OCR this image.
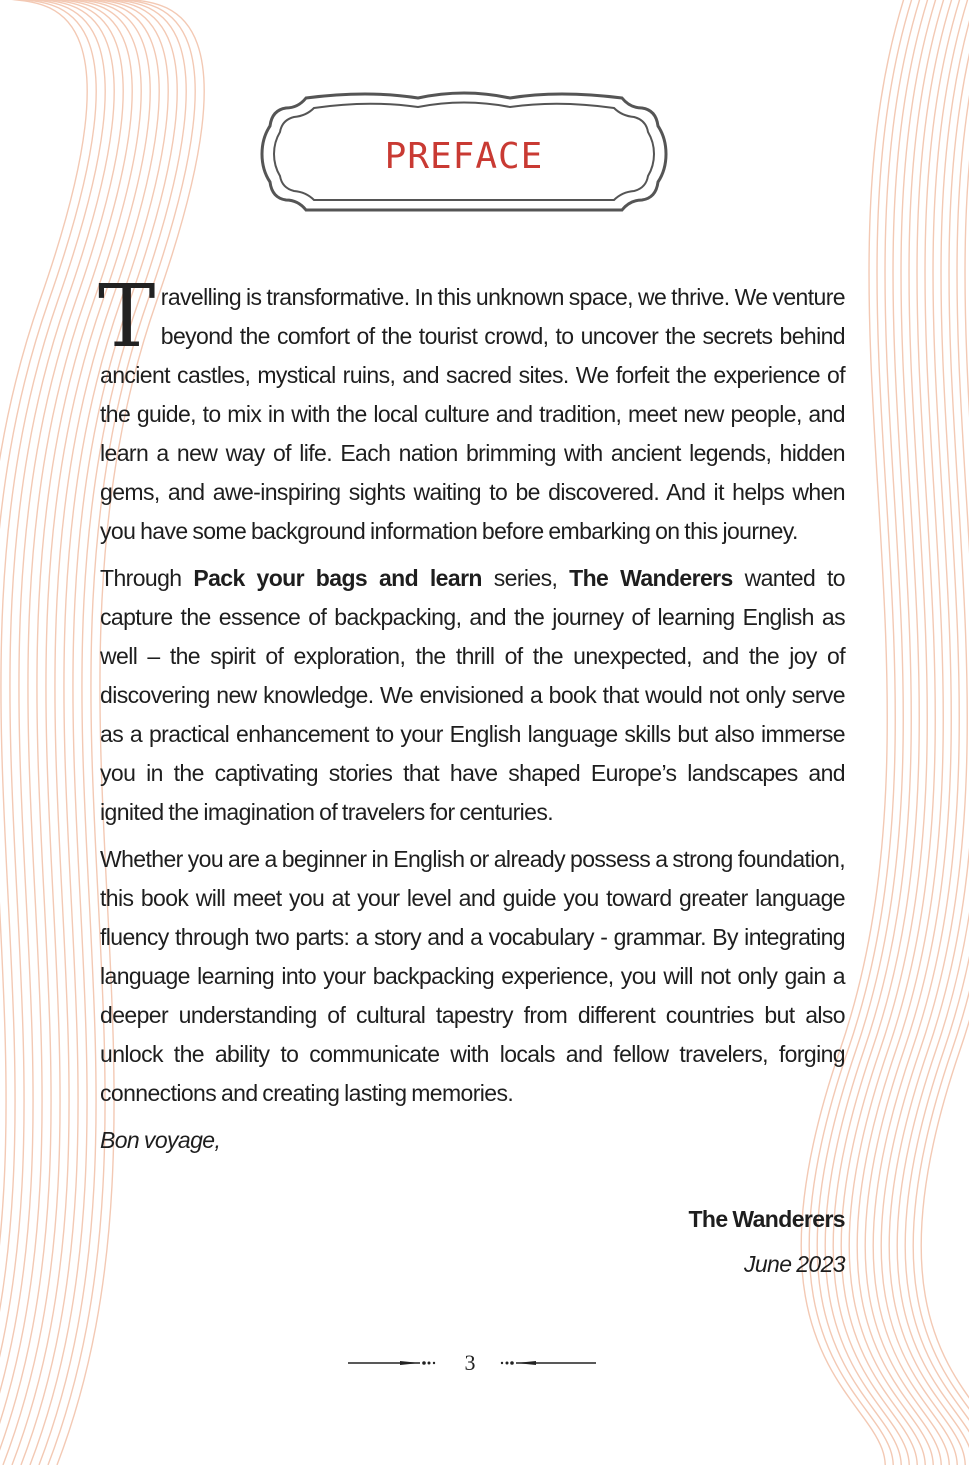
PREFACE

Travelling is transformative. In this unknown space, we thrive. We venture beyond the comfort of the tourist crowd, to uncover the secrets behind ancient castles, mystical ruins, and sacred sites. We forfeit the experience of the guide, to mix in with the local culture and tradition, meet new people, and learn a new way of life. Each nation brimming with ancient legends, hidden gems, and awe-inspiring sights waiting to be discovered. And it helps when you have some background information before embarking on this journey.

Through Pack your bags and learn series, The Wanderers wanted to capture the essence of backpacking, and the journey of learning English as well – the spirit of exploration, the thrill of the unexpected, and the joy of discovering new knowledge. We envisioned a book that would not only serve as a practical enhancement to your English language skills but also immerse you in the captivating stories that have shaped Europe’s landscapes and ignited the imagination of travelers for centuries.

Whether you are a beginner in English or already possess a strong foundation, this book will meet you at your level and guide you toward greater language fluency through two parts: a story and a vocabulary - grammar. By integrating language learning into your backpacking experience, you will not only gain a deeper understanding of cultural tapestry from different countries but also unlock the ability to communicate with locals and fellow travelers, forging connections and creating lasting memories.

Bon voyage,
The Wanderers
June 2023
3
